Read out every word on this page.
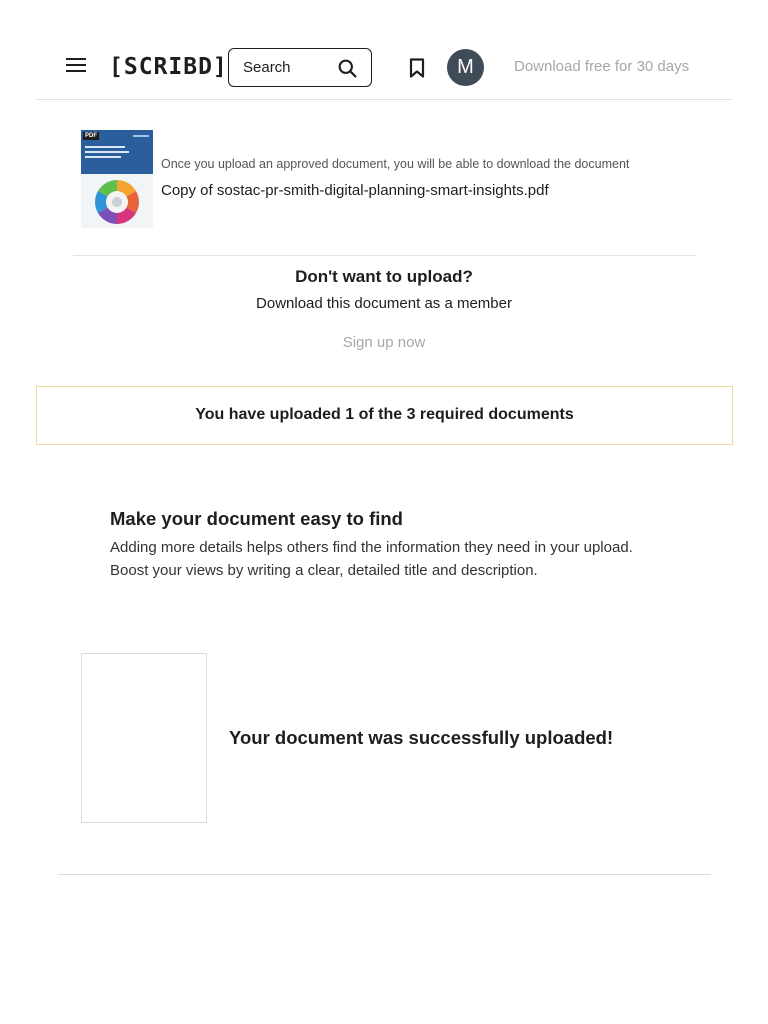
[SCRIBD] Search	M	Download free for 30 days
PDF
Once you upload an approved document, you will be able to download the document
Copy of sostac-pr-smith-digital-planning-smart-insights.pdf
Don't want to upload?
Download this document as a member
Sign up now
You have uploaded 1 of the 3 required documents
Make your document easy to find
Adding more details helps others find the information they need in your upload.
Boost your views by writing a clear, detailed title and description.
Your document was successfully uploaded!
